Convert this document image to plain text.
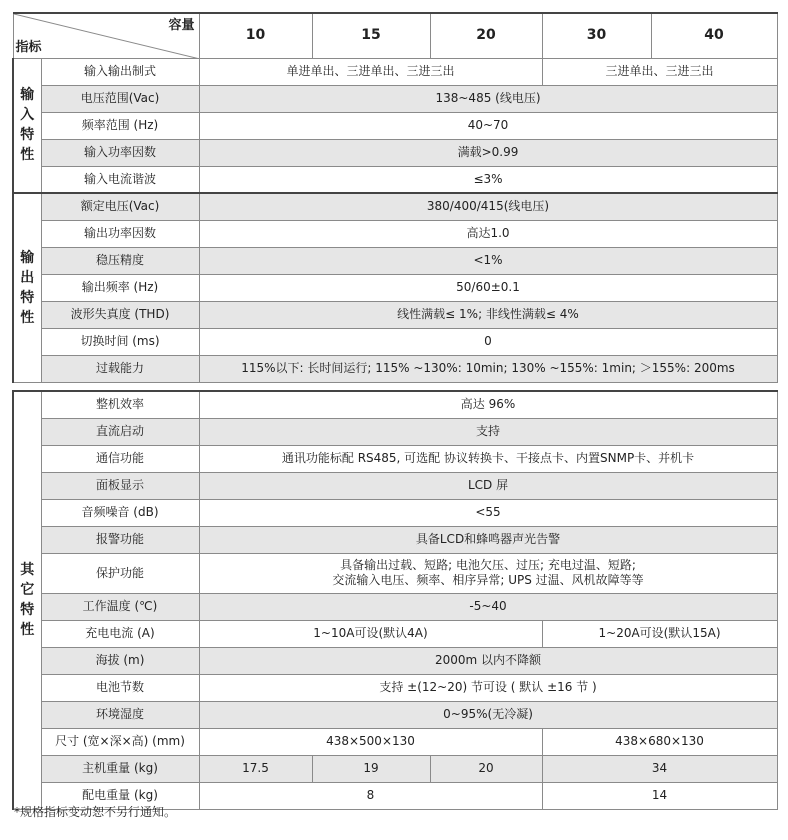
容量
指标		10	15	20	30	40

输
入
特
性	输入输出制式	单进单出、三进单出、三进三出			三进单出、三进三出	
	电压范围(Vac)	138~485 (线电压)				
	频率范围 (Hz)	40~70				
	输入功率因数	满载>0.99				
	输入电流谐波	≤3%				

输
出
特
性	额定电压(Vac)	380/400/415(线电压)				
	输出功率因数	高达1.0				
	稳压精度	<1%				
	输出频率 (Hz)	50/60±0.1				
	波形失真度 (THD)	线性满载≤ 1%; 非线性满载≤ 4%				
	切换时间 (ms)	0				
	过载能力	115%以下: 长时间运行; 115% ~130%: 10min; 130% ~155%: 1min; ＞155%: 200ms				
其
它
特
性	整机效率	高达 96%			
	直流启动	支持			
	通信功能	通讯功能标配 RS485, 可选配 协议转换卡、干接点卡、内置SNMP卡、并机卡			
	面板显示	LCD 屏			
	音频噪音 (dB)	<55			
	报警功能	具备LCD和蜂鸣器声光告警			
	保护功能	具备输出过载、短路; 电池欠压、过压; 充电过温、短路;
交流输入电压、频率、相序异常; UPS 过温、风机故障等等			

	工作温度 (℃)	-5~40			
	充电电流 (A)	1~10A可设(默认4A)			1~20A可设(默认15A)
	海拔 (m)	2000m 以内不降额			
	电池节数	支持 ±(12~20) 节可设 ( 默认 ±16 节 )			
	环境湿度	0~95%(无冷凝)			
	尺寸 (宽×深×高) (mm)	438×500×130			438×680×130
	主机重量 (kg)	17.5	19	20	34
	配电重量 (kg)	8			14
*规格指标变动恕不另行通知。
